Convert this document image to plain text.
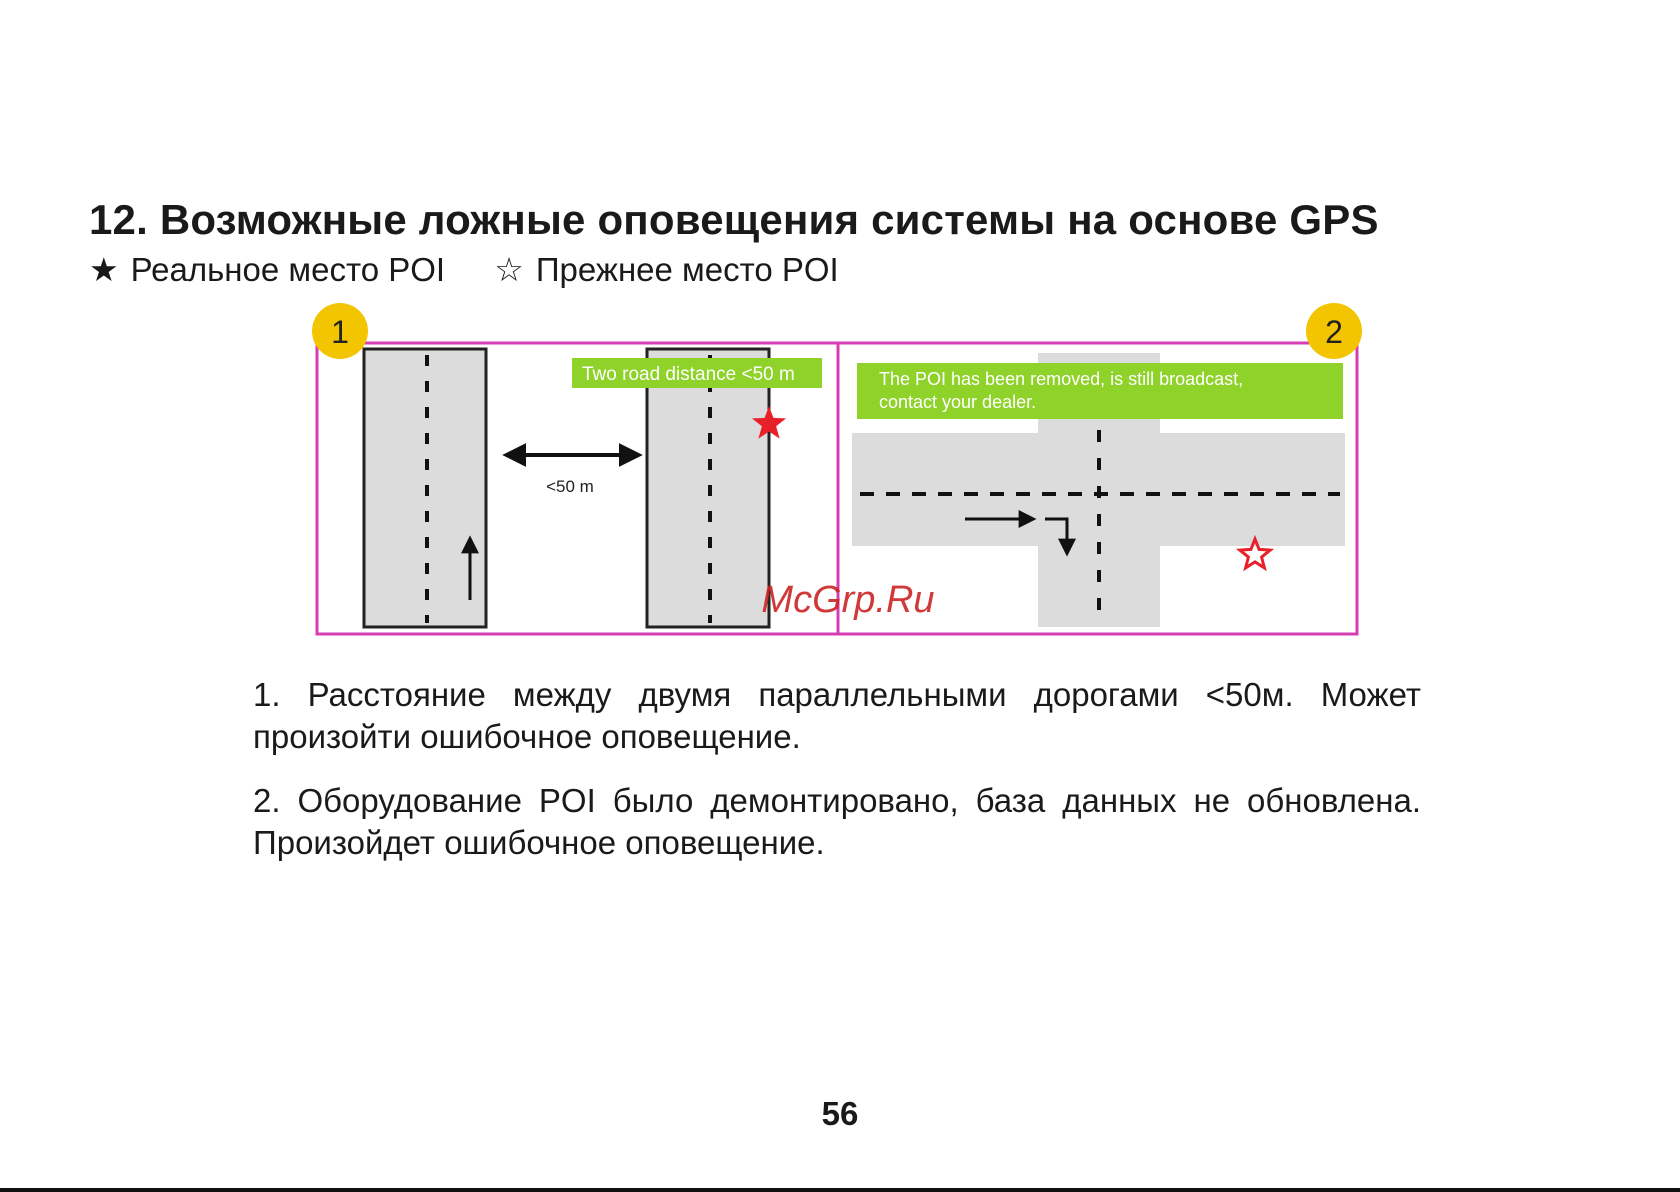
12. Возможные ложные оповещения системы на основе GPS
★ Реальное место POI ☆ Прежнее место POI
<50 m
Two road distance <50 m
1
The POI has been removed, is still broadcast,
contact your dealer.
2
McGrp.Ru

1. Расстояние между двумя параллельными дорогами <50м. Может произойти ошибочное оповещение.

2. Оборудование POI было демонтировано, база данных не обновлена. Произойдет ошибочное оповещение.

56
